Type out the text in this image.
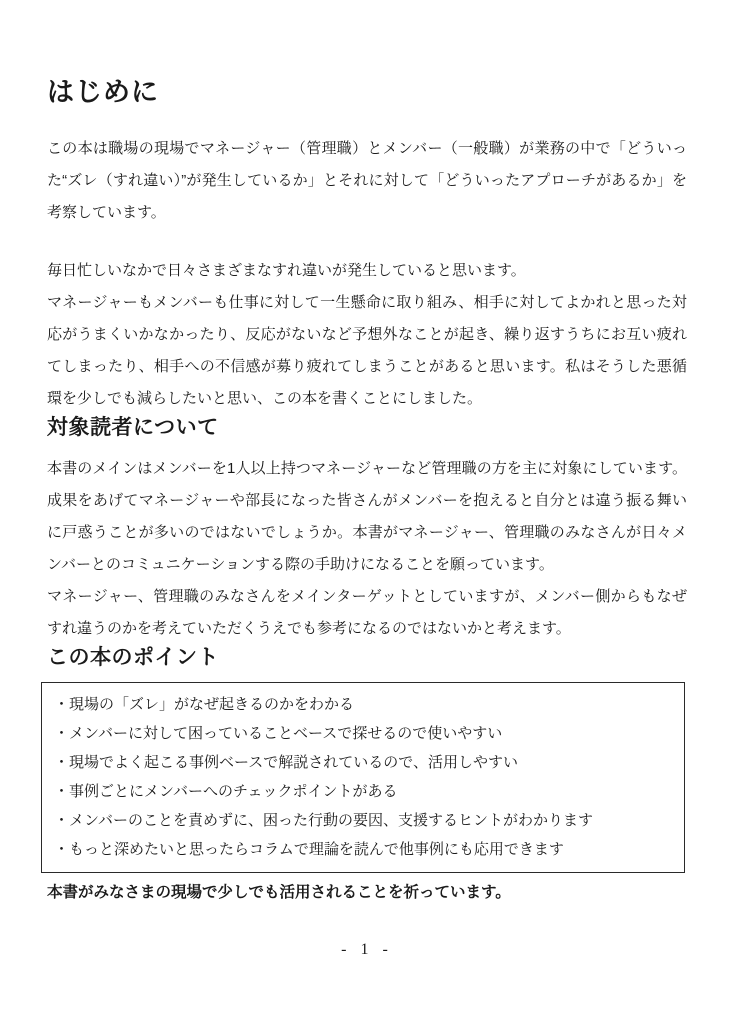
はじめに

この本は職場の現場でマネージャー（管理職）とメンバー（一般職）が業務の中で「どういった“ズレ（すれ違い）”が発生しているか」とそれに対して「どういったアプローチがあるか」を考察しています。

毎日忙しいなかで日々さまざまなすれ違いが発生していると思います。

マネージャーもメンバーも仕事に対して一生懸命に取り組み、相手に対してよかれと思った対応がうまくいかなかったり、反応がないなど予想外なことが起き、繰り返すうちにお互い疲れてしまったり、相手への不信感が募り疲れてしまうことがあると思います。私はそうした悪循環を少しでも減らしたいと思い、この本を書くことにしました。

対象読者について

本書のメインはメンバーを1人以上持つマネージャーなど管理職の方を主に対象にしています。成果をあげてマネージャーや部長になった皆さんがメンバーを抱えると自分とは違う振る舞いに戸惑うことが多いのではないでしょうか。本書がマネージャー、管理職のみなさんが日々メンバーとのコミュニケーションする際の手助けになることを願っています。

マネージャー、管理職のみなさんをメインターゲットとしていますが、メンバー側からもなぜすれ違うのかを考えていただくうえでも参考になるのではないかと考えます。

この本のポイント
・現場の「ズレ」がなぜ起きるのかをわかる
・メンバーに対して困っていることベースで探せるので使いやすい
・現場でよく起こる事例ベースで解説されているので、活用しやすい
・事例ごとにメンバーへのチェックポイントがある
・メンバーのことを責めずに、困った行動の要因、支援するヒントがわかります
・もっと深めたいと思ったらコラムで理論を読んで他事例にも応用できます

本書がみなさまの現場で少しでも活用されることを祈っています。

- 1 -
